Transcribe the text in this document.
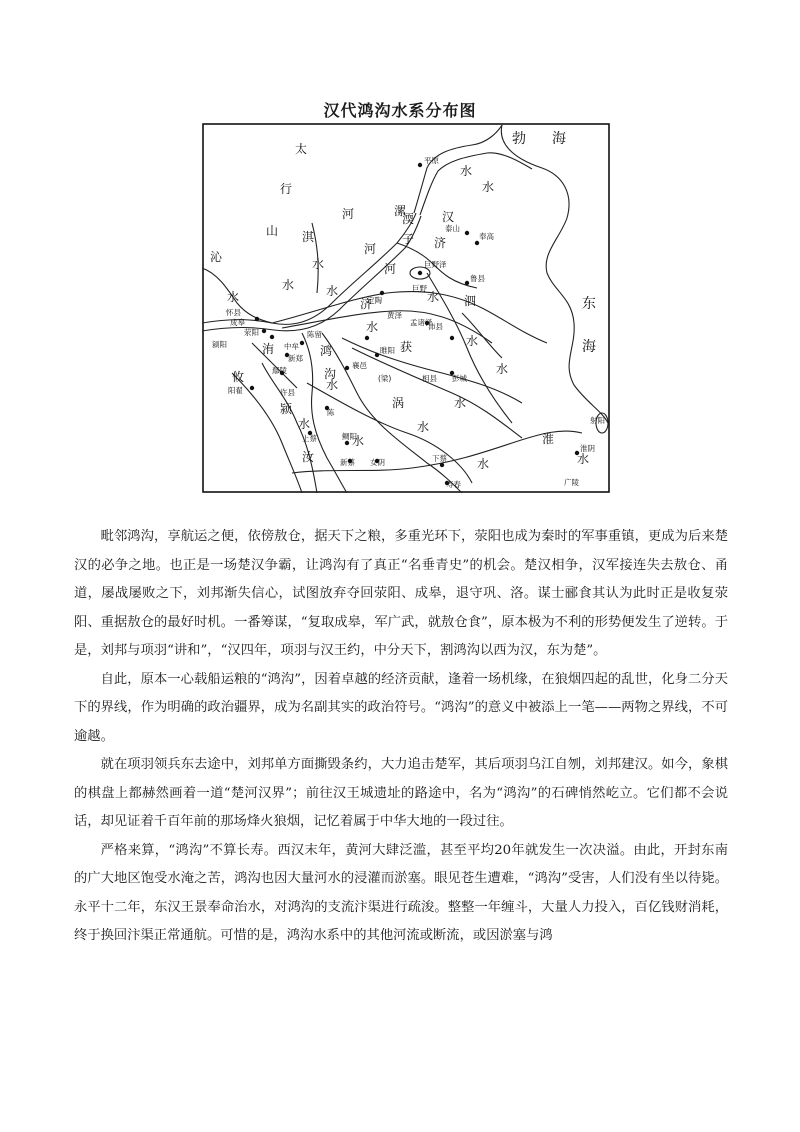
汉代鸿沟水系分布图
太
行
山
勃 海
东
海
河
河
河
漯
子
沁
水
淇
水
水
水
水
水
水
水
水
水
水
水
水
水
水
水
水
济
洧
济
获
泗
鸿
沟
涡
攸
汝
颍
淮
汉
渜
平原
泰山
奉高
巨野泽
巨野
鲁县
定陶
黄泽
怀县
成皋
荥阳
颍阳	中牟
新郑
陈留
襄邑
睢阳
(梁)
孟诸泽
沛县
彭城
相县
鄢陵
阳翟
陈
许县
上蔡	鲷阳
新蔡 女阴	下蔡
寿春
淮阴
广陵
射阳

毗邻鸿沟，享航运之便，依傍敖仓，据天下之粮，多重光环下，荥阳也成为秦时的军事重镇，更成为后来楚汉的必争之地。也正是一场楚汉争霸，让鸿沟有了真正“名垂青史”的机会。楚汉相争，汉军接连失去敖仓、甬道，屡战屡败之下，刘邦渐失信心，试图放弃夺回荥阳、成皋，退守巩、洛。谋士郦食其认为此时正是收复荥阳、重据敖仓的最好时机。一番筹谋，“复取成皋，军广武，就敖仓食”，原本极为不利的形势便发生了逆转。于是，刘邦与项羽“讲和”，“汉四年，项羽与汉王约，中分天下，割鸿沟以西为汉，东为楚”。

自此，原本一心载船运粮的“鸿沟”，因着卓越的经济贡献，逢着一场机缘，在狼烟四起的乱世，化身二分天下的界线，作为明确的政治疆界，成为名副其实的政治符号。“鸿沟”的意义中被添上一笔——两物之界线，不可逾越。

就在项羽领兵东去途中，刘邦单方面撕毁条约，大力追击楚军，其后项羽乌江自刎，刘邦建汉。如今，象棋的棋盘上都赫然画着一道“楚河汉界”；前往汉王城遗址的路途中，名为“鸿沟”的石碑悄然屹立。它们都不会说话，却见证着千百年前的那场烽火狼烟，记忆着属于中华大地的一段过往。

严格来算，“鸿沟”不算长寿。西汉末年，黄河大肆泛滥，甚至平均20年就发生一次决溢。由此，开封东南的广大地区饱受水淹之苦，鸿沟也因大量河水的浸灌而淤塞。眼见苍生遭难，“鸿沟”受害，人们没有坐以待毙。永平十二年，东汉王景奉命治水，对鸿沟的支流汴渠进行疏浚。整整一年缠斗，大量人力投入，百亿钱财消耗，终于换回汴渠正常通航。可惜的是，鸿沟水系中的其他河流或断流，或因淤塞与鸿
